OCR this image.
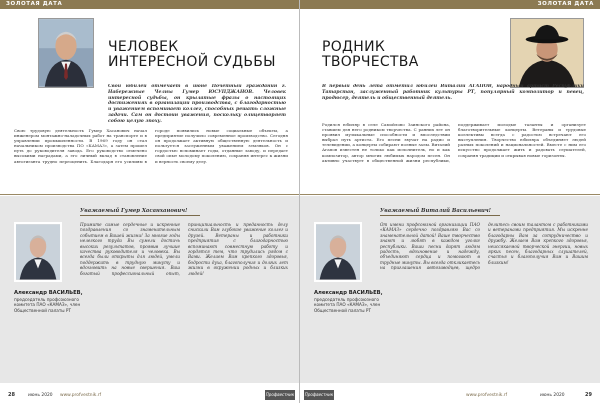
ЗОЛОТАЯ ДАТА
ЧЕЛОВЕК
ИНТЕРЕСНОЙ СУДЬБЫ
Свой юбилей отмечает в июне Почетный гражданин г. Набережные Челны Гумер ЮСУПДЖАНОВ. Человек интересной судьбы, он крылатые фразы о настоящих достижениях в организации производства, с благодарностью и уважением вспоминает коллег, способных решать сложные задачи. Сам он достоин уважения, поскольку олицетворяет собою целую эпоху.
Свою трудовую деятельность Гумер Хасанович начал инженером монтажно-наладочных работ на транспорте и в управлении промышленности. В 1969 году он стал начальником производства ПО «КАМАЗ», а затем прошел путь до руководителя завода. Его руководство отмечено высокими наградами, а его личный вклад в становление автогиганта трудно переоценить. Благодаря его усилиям в городе появились новые социальные объекты, а предприятие получило современное производство. Сегодня он продолжает активную общественную деятельность и пользуется заслуженным уважением земляков. Он с гордостью вспоминает годы, отданные заводу, и передает свой опыт молодому поколению, сохраняя интерес к жизни и верность своему делу.
Уважаемый Гумер Хасанханович!
Александр ВАСИЛЬЕВ,
председатель профсоюзного комитета ПАО «КАМАЗ», член Общественной палаты РТ
Примите самые сердечные и искренние поздравления со знаменательным событием в Вашей жизни! За многие годы нелегкого труда Вы сумели достичь высоких результатов, проявив лучшие качества руководителя и человека. Вы всегда были открыты для людей, умели поддержать в трудную минуту и вдохновить на новые свершения. Ваш богатый профессиональный опыт, принципиальность и преданность делу снискали Вам глубокое уважение коллег и друзей. Ветераны и работники предприятия с благодарностью вспоминают совместную работу и гордятся тем, что трудились рядом с Вами. Желаем Вам крепкого здоровья, бодрости духа, благополучия и долгих лет жизни в окружении родных и близких людей!
28	июнь 2020 www.profvestnik.rf	Профвестник
ЗОЛОТАЯ ДАТА
РОДНИК
ТВОРЧЕСТВА
В первый день лета отметил юбилей Виталий АГАПОВ, народный артист Республики Татарстан, заслуженный работник культуры РТ, популярный композитор и певец, продюсер, деятель и общественный деятель.
Родился юбиляр в селе Самойлово Заинского района, ставшем для него родником творчества. С ранних лет он проявил музыкальные способности и впоследствии выбрал путь артиста. Его песни звучат на радио и телевидении, а концерты собирают полные залы. Виталий Агапов известен не только как исполнитель, но и как композитор, автор многих любимых народом песен. Он активно участвует в общественной жизни республики, поддерживает молодые таланты и организует благотворительные концерты. Ветераны и трудовые коллективы всегда с радостью встречают его выступления. Творчество юбиляра объединяет людей разных поколений и национальностей. Вместе с ним его искусство продолжает жить и радовать слушателей, сохраняя традиции и открывая новые горизонты.
Уважаемый Виталий Васильевич!
Александр ВАСИЛЬЕВ,
председатель профсоюзного комитета ПАО «КАМАЗ», член Общественной палаты РТ
От имени профсоюзной организации ПАО «КАМАЗ» сердечно поздравляю Вас со знаменательной датой! Ваше творчество знают и любят в каждом уголке республики. Ваши песни дарят людям радость, вдохновение и надежду, объединяют сердца и помогают в трудные минуты. Вы всегда откликаетесь на приглашения автозаводцев, щедро делитесь своим талантом с работниками и ветеранами предприятия. Мы искренне благодарны Вам за сотрудничество и дружбу. Желаем Вам крепкого здоровья, неиссякаемой творческой энергии, новых ярких песен, благодарных слушателей, счастья и благополучия Вам и Вашим близким!
Профвестник	www.profvestnik.rf	июнь 2020	29
